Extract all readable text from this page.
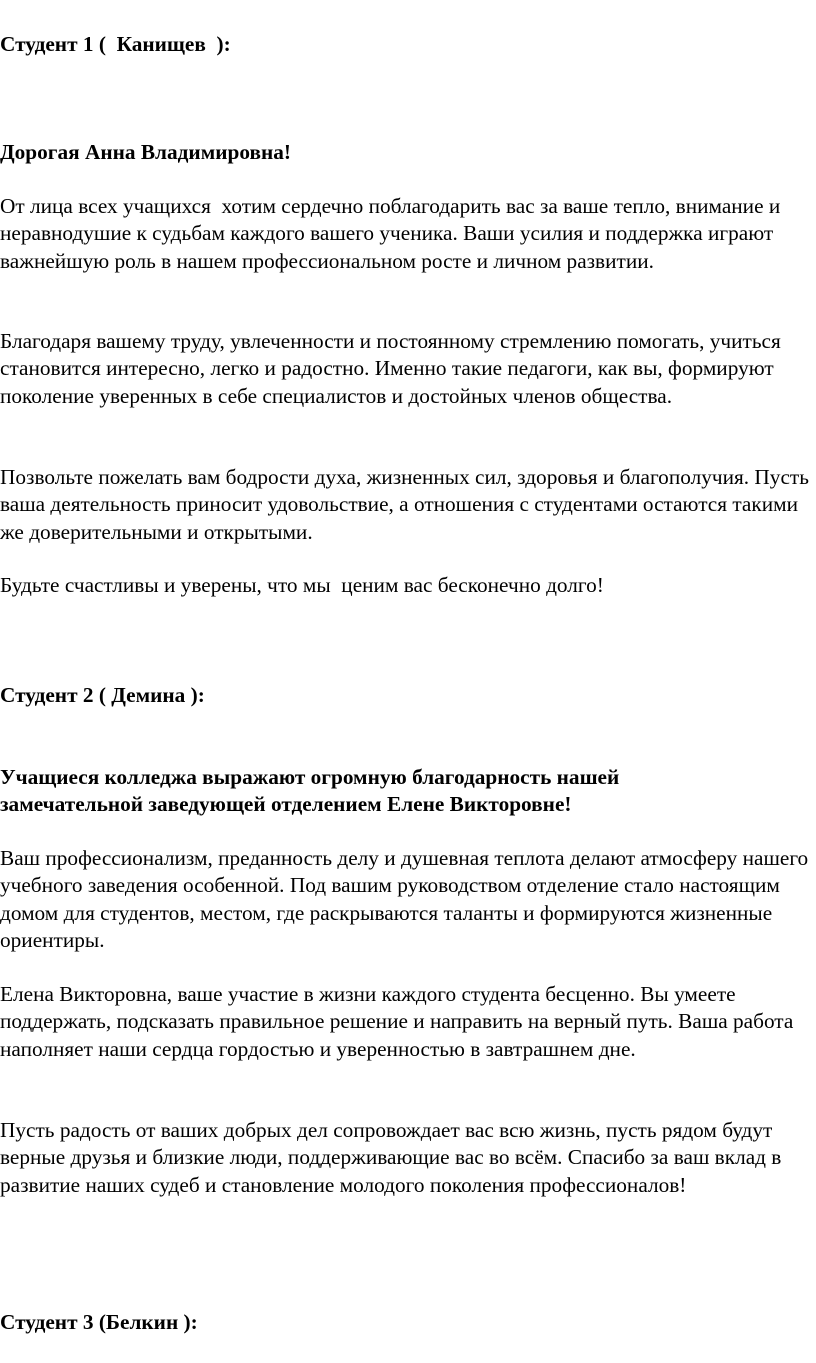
Студент 1 (  Канищев  ):
Дорогая Анна Владимировна!
От лица всех учащихся  хотим сердечно поблагодарить вас за ваше тепло, внимание и неравнодушие к судьбам каждого вашего ученика. Ваши усилия и поддержка играют важнейшую роль в нашем профессиональном росте и личном развитии.
Благодаря вашему труду, увлеченности и постоянному стремлению помогать, учиться становится интересно, легко и радостно. Именно такие педагоги, как вы, формируют поколение уверенных в себе специалистов и достойных членов общества.
Позвольте пожелать вам бодрости духа, жизненных сил, здоровья и благополучия. Пусть ваша деятельность приносит удовольствие, а отношения с студентами остаются такими же доверительными и открытыми.
Будьте счастливы и уверены, что мы  ценим вас бесконечно долго!
Студент 2 ( Демина ):
Учащиеся колледжа выражают огромную благодарность нашей замечательной заведующей отделением Елене Викторовне!
Ваш профессионализм, преданность делу и душевная теплота делают атмосферу нашего учебного заведения особенной. Под вашим руководством отделение стало настоящим домом для студентов, местом, где раскрываются таланты и формируются жизненные ориентиры.
Елена Викторовна, ваше участие в жизни каждого студента бесценно. Вы умеете поддержать, подсказать правильное решение и направить на верный путь. Ваша работа наполняет наши сердца гордостью и уверенностью в завтрашнем дне.
Пусть радость от ваших добрых дел сопровождает вас всю жизнь, пусть рядом будут верные друзья и близкие люди, поддерживающие вас во всём. Спасибо за ваш вклад в развитие наших судеб и становление молодого поколения профессионалов!
Студент 3 (Белкин ):
